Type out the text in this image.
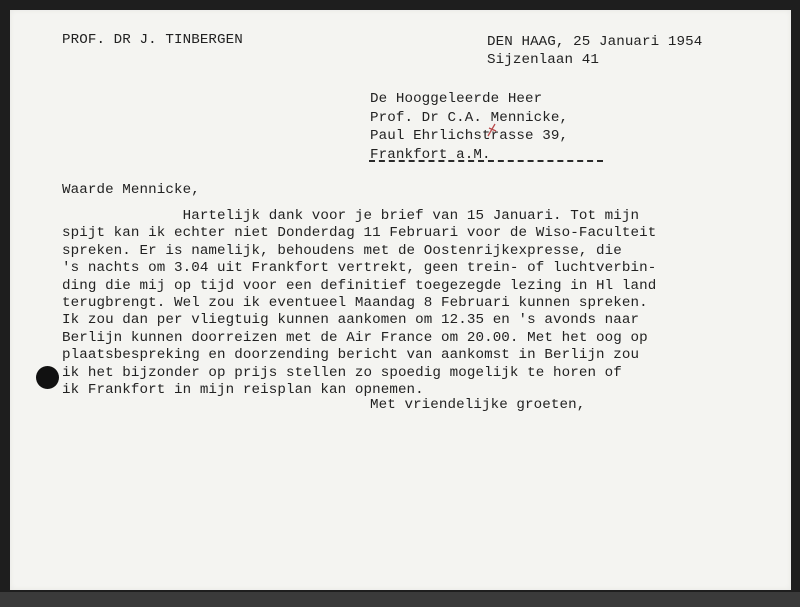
PROF. DR J. TINBERGEN	DEN HAAG, 25 Januari 1954
Sijzenlaan 41
De Hooggeleerde Heer
Prof. Dr C.A. Mennicke,
Paul Ehrlichstrasse 39,
Frankfort a.M.
Waarde Mennicke,
Hartelijk dank voor je brief van 15 Januari. Tot mijn
spijt kan ik echter niet Donderdag 11 Februari voor de Wiso-Faculteit
spreken. Er is namelijk, behoudens met de Oostenrijkexpresse, die
's nachts om 3.04 uit Frankfort vertrekt, geen trein- of luchtverbin-
ding die mij op tijd voor een definitief toegezegde lezing in Hl land
terugbrengt. Wel zou ik eventueel Maandag 8 Februari kunnen spreken.
Ik zou dan per vliegtuig kunnen aankomen om 12.35 en 's avonds naar
Berlijn kunnen doorreizen met de Air France om 20.00. Met het oog op
plaatsbespreking en doorzending bericht van aankomst in Berlijn zou
ik het bijzonder op prijs stellen zo spoedig mogelijk te horen of
ik Frankfort in mijn reisplan kan opnemen.
Met vriendelijke groeten,
